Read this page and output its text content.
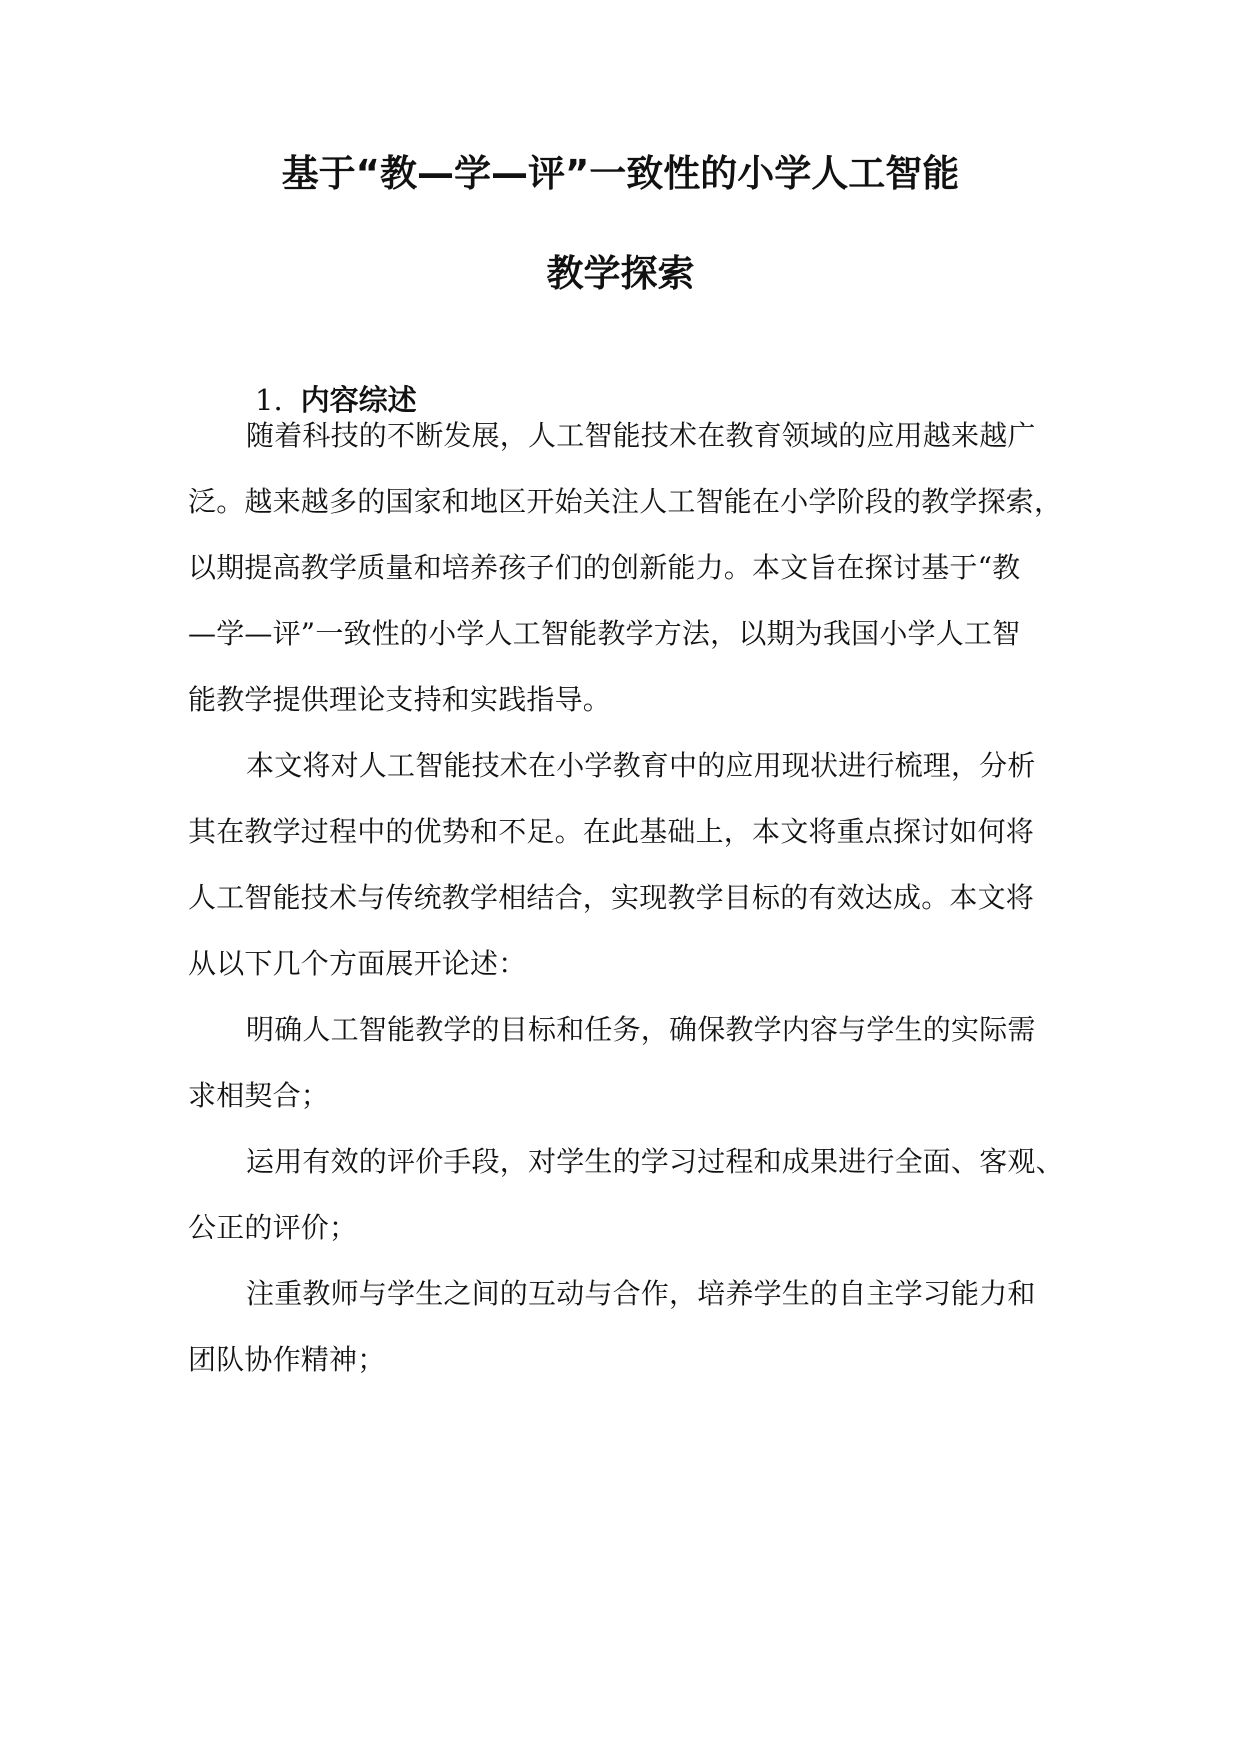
基于“教—学—评”一致性的小学人工智能
教学探索
1. 内容综述
随着科技的不断发展，人工智能技术在教育领域的应用越来越广
泛。越来越多的国家和地区开始关注人工智能在小学阶段的教学探索，
以期提高教学质量和培养孩子们的创新能力。本文旨在探讨基于“教
—学—评”一致性的小学人工智能教学方法，以期为我国小学人工智
能教学提供理论支持和实践指导。
本文将对人工智能技术在小学教育中的应用现状进行梳理，分析
其在教学过程中的优势和不足。在此基础上，本文将重点探讨如何将
人工智能技术与传统教学相结合，实现教学目标的有效达成。本文将
从以下几个方面展开论述：
明确人工智能教学的目标和任务，确保教学内容与学生的实际需
求相契合；
运用有效的评价手段，对学生的学习过程和成果进行全面、客观、
公正的评价；
注重教师与学生之间的互动与合作，培养学生的自主学习能力和
团队协作精神；
